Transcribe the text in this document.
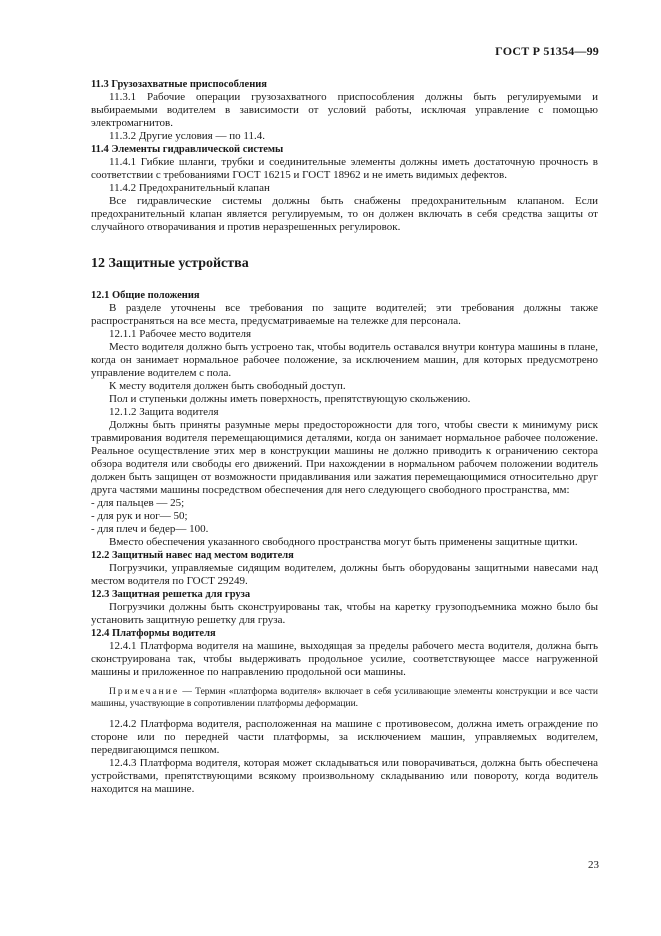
ГОСТ Р 51354—99

11.3 Грузозахватные приспособления

11.3.1 Рабочие операции грузозахватного приспособления должны быть регулируемыми и выбираемыми водителем в зависимости от условий работы, исключая управление с помощью электромагнитов.

11.3.2 Другие условия — по 11.4.

11.4 Элементы гидравлической системы

11.4.1 Гибкие шланги, трубки и соединительные элементы должны иметь достаточную прочность в соответствии с требованиями ГОСТ 16215 и ГОСТ 18962 и не иметь видимых дефектов.

11.4.2 Предохранительный клапан

Все гидравлические системы должны быть снабжены предохранительным клапаном. Если предохранительный клапан является регулируемым, то он должен включать в себя средства защиты от случайного отворачивания и против неразрешенных регулировок.

12 Защитные устройства

12.1 Общие положения

В разделе уточнены все требования по защите водителей; эти требования должны также распространяться на все места, предусматриваемые на тележке для персонала.

12.1.1 Рабочее место водителя

Место водителя должно быть устроено так, чтобы водитель оставался внутри контура машины в плане, когда он занимает нормальное рабочее положение, за исключением машин, для которых предусмотрено управление водителем с пола.

К месту водителя должен быть свободный доступ.

Пол и ступеньки должны иметь поверхность, препятствующую скольжению.

12.1.2 Защита водителя

Должны быть приняты разумные меры предосторожности для того, чтобы свести к минимуму риск травмирования водителя перемещающимися деталями, когда он занимает нормальное рабочее положение. Реальное осуществление этих мер в конструкции машины не должно приводить к ограничению сектора обзора водителя или свободы его движений. При нахождении в нормальном рабочем положении водитель должен быть защищен от возможности придавливания или зажатия перемещающимися относительно друг друга частями машины посредством обеспечения для него следующего свободного пространства, мм:

- для пальцев — 25;

- для рук и ног— 50;

- для плеч и бедер— 100.

Вместо обеспечения указанного свободного пространства могут быть применены защитные щитки.

12.2 Защитный навес над местом водителя

Погрузчики, управляемые сидящим водителем, должны быть оборудованы защитными навесами над местом водителя по ГОСТ 29249.

12.3 Защитная решетка для груза

Погрузчики должны быть сконструированы так, чтобы на каретку грузоподъемника можно было бы установить защитную решетку для груза.

12.4 Платформы водителя

12.4.1 Платформа водителя на машине, выходящая за пределы рабочего места водителя, должна быть сконструирована так, чтобы выдерживать продольное усилие, соответствующее массе нагруженной машины и приложенное по направлению продольной оси машины.

Примечание — Термин «платформа водителя» включает в себя усиливающие элементы конструкции и все части машины, участвующие в сопротивлении платформы деформации.

12.4.2 Платформа водителя, расположенная на машине с противовесом, должна иметь ограждение по стороне или по передней части платформы, за исключением машин, управляемых водителем, передвигающимся пешком.

12.4.3 Платформа водителя, которая может складываться или поворачиваться, должна быть обеспечена устройствами, препятствующими всякому произвольному складыванию или повороту, когда водитель находится на машине.

23
